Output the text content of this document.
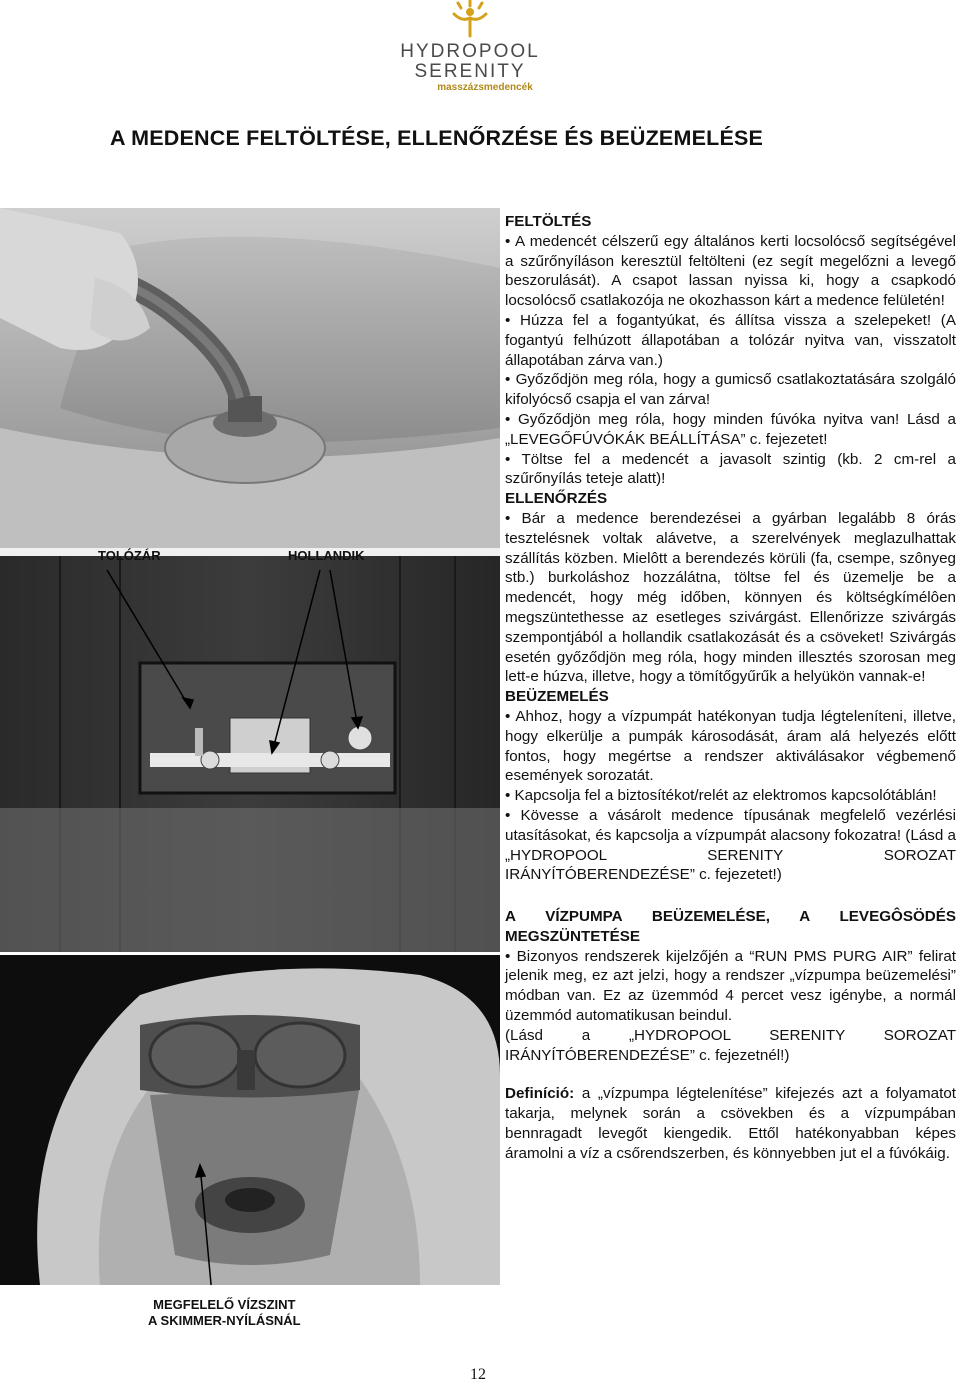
HYDROPOOL
SERENITY
masszázsmedencék
A MEDENCE FELTÖLTÉSE, ELLENŐRZÉSE ÉS BEÜZEMELÉSE
TOLÓZÁR	HOLLANDIK
MEGFELELŐ VÍZSZINT
A SKIMMER-NYÍLÁSNÁL

FELTÖLTÉS

• A medencét célszerű egy általános kerti locsolócső segítségével a szűrőnyíláson keresztül feltölteni (ez segít megelőzni a levegő beszorulását). A csapot lassan nyissa ki, hogy a csapkodó locsolócső csatlakozója ne okozhasson kárt a medence felületén!

• Húzza fel a fogantyúkat, és állítsa vissza a szelepeket! (A fogantyú felhúzott állapotában a tolózár nyitva van, visszatolt állapotában zárva van.)

• Győződjön meg róla, hogy a gumicső csatlakoztatására szolgáló kifolyócső csapja el van zárva!

• Győződjön meg róla, hogy minden fúvóka nyitva van! Lásd a „LEVEGŐFÚVÓKÁK BEÁLLÍTÁSA” c. fejezetet!

• Töltse fel a medencét a javasolt szintig (kb. 2 cm-rel a szűrőnyílás teteje alatt)!

ELLENŐRZÉS

• Bár a medence berendezései a gyárban legalább 8 órás tesztelésnek voltak alávetve, a szerelvények meglazulhattak szállítás közben. Mielôtt a berendezés körüli (fa, csempe, szônyeg stb.) burkoláshoz hozzálátna, töltse fel és üzemelje be a medencét, hogy még időben, könnyen és költségkímélôen megszüntethesse az esetleges szivárgást. Ellenőrizze szivárgás szempontjából a hollandik csatlakozását és a csöveket! Szivárgás esetén győződjön meg róla, hogy minden illesztés szorosan meg lett-e húzva, illetve, hogy a tömítőgyűrűk a helyükön vannak-e!

BEÜZEMELÉS

• Ahhoz, hogy a vízpumpát hatékonyan tudja légteleníteni, illetve, hogy elkerülje a pumpák károsodását, áram alá helyezés előtt fontos, hogy megértse a rendszer aktiválásakor végbemenő események sorozatát.

• Kapcsolja fel a biztosítékot/relét az elektromos kapcsolótáblán!

• Kövesse a vásárolt medence típusának megfelelő vezérlési utasításokat, és kapcsolja a vízpumpát alacsony fokozatra! (Lásd a „HYDROPOOL SERENITY SOROZAT IRÁNYÍTÓBERENDEZÉSE” c. fejezetet!)

A VÍZPUMPA BEÜZEMELÉSE, A LEVEGÔSÖDÉS MEGSZÜNTETÉSE

• Bizonyos rendszerek kijelzőjén a “RUN PMS PURG AIR” felirat jelenik meg, ez azt jelzi, hogy a rendszer „vízpumpa beüzemelési” módban van. Ez az üzemmód 4 percet vesz igénybe, a normál üzemmód automatikusan beindul.

(Lásd a „HYDROPOOL SERENITY SOROZAT IRÁNYÍTÓBERENDEZÉSE” c. fejezetnél!)

Definíció: a „vízpumpa légtelenítése” kifejezés azt a folyamatot takarja, melynek során a csövekben és a vízpumpában bennragadt levegőt kiengedik. Ettől hatékonyabban képes áramolni a víz a csőrendszerben, és könnyebben jut el a fúvókáig.

12
